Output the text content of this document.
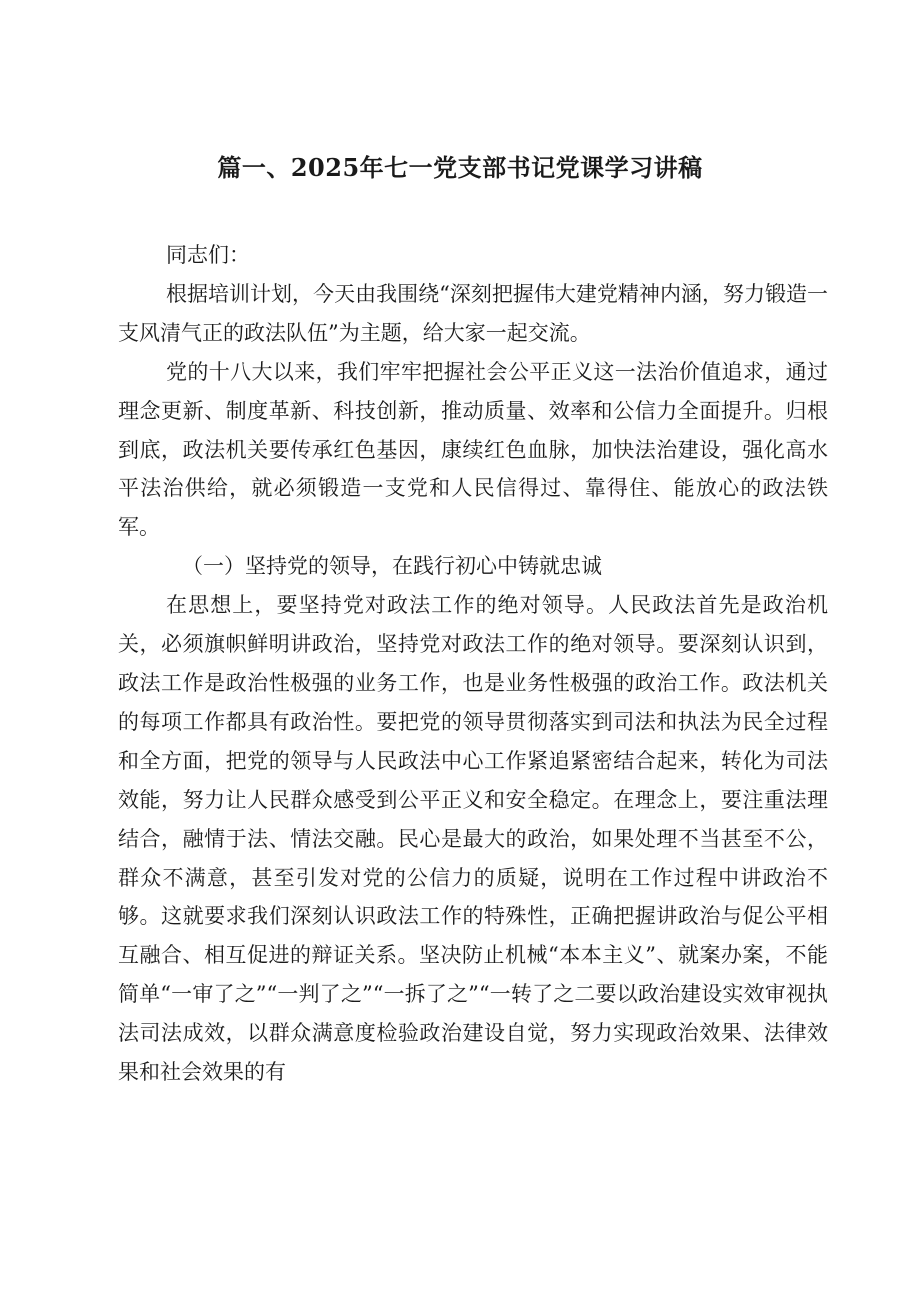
篇一、2025年七一党支部书记党课学习讲稿

同志们：

根据培训计划，今天由我围绕“深刻把握伟大建党精神内涵，努力锻造一支风清气正的政法队伍”为主题，给大家一起交流。

党的十八大以来，我们牢牢把握社会公平正义这一法治价值追求，通过理念更新、制度革新、科技创新，推动质量、效率和公信力全面提升。归根到底，政法机关要传承红色基因，康续红色血脉，加快法治建设，强化高水平法治供给，就必须锻造一支党和人民信得过、靠得住、能放心的政法铁军。

（一）坚持党的领导，在践行初心中铸就忠诚

在思想上，要坚持党对政法工作的绝对领导。人民政法首先是政治机关，必须旗帜鲜明讲政治，坚持党对政法工作的绝对领导。要深刻认识到，政法工作是政治性极强的业务工作，也是业务性极强的政治工作。政法机关的每项工作都具有政治性。要把党的领导贯彻落实到司法和执法为民全过程和全方面，把党的领导与人民政法中心工作紧追紧密结合起来，转化为司法效能，努力让人民群众感受到公平正义和安全稳定。在理念上，要注重法理结合，融情于法、情法交融。民心是最大的政治，如果处理不当甚至不公，群众不满意，甚至引发对党的公信力的质疑，说明在工作过程中讲政治不够。这就要求我们深刻认识政法工作的特殊性，正确把握讲政治与促公平相互融合、相互促进的辩证关系。坚决防止机械“本本主义”、就案办案，不能简单“一审了之”“一判了之”“一拆了之”“一转了之二要以政治建设实效审视执法司法成效，以群众满意度检验政治建设自觉，努力实现政治效果、法律效果和社会效果的有
